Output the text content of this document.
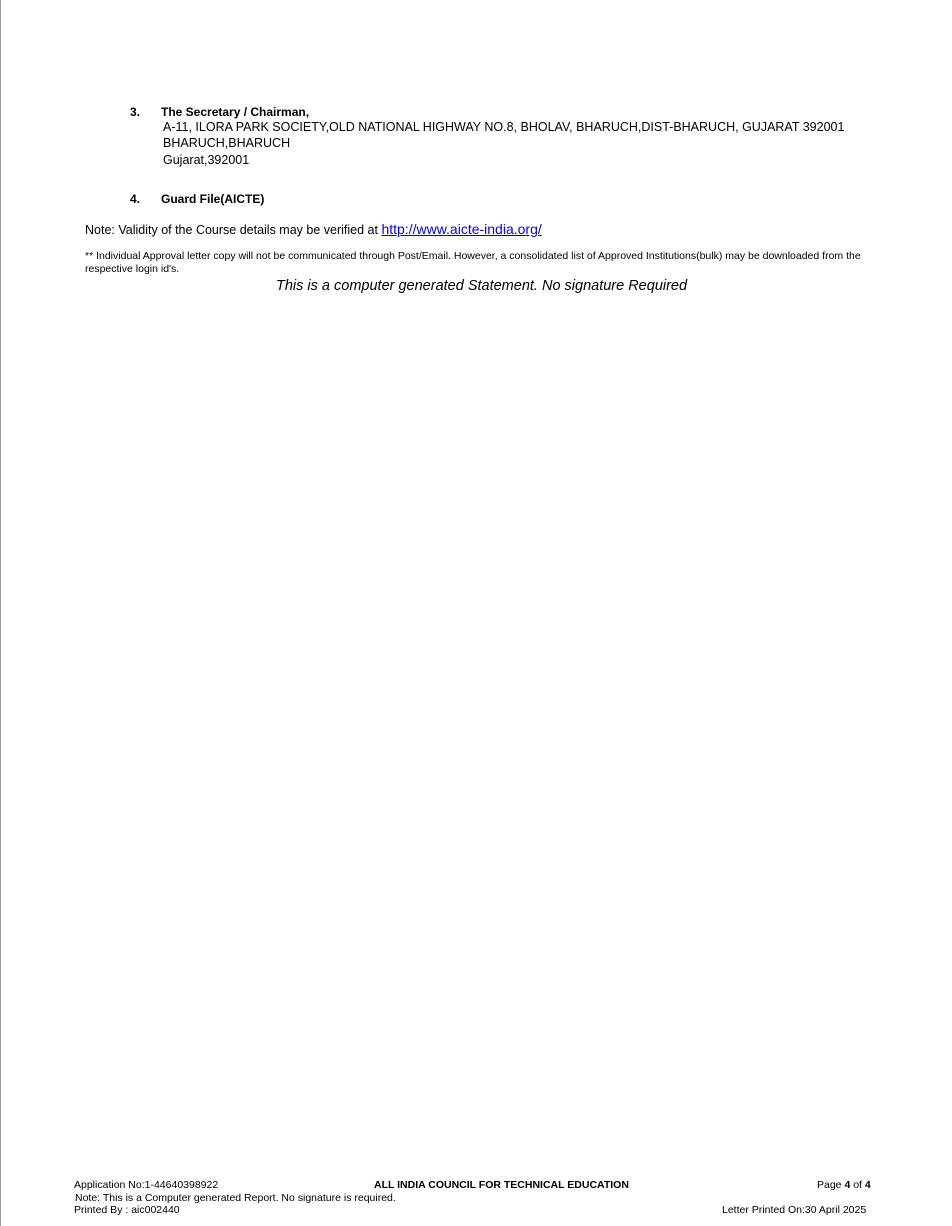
3. The Secretary / Chairman,
A-11, ILORA PARK SOCIETY,OLD NATIONAL HIGHWAY NO.8, BHOLAV, BHARUCH,DIST-BHARUCH, GUJARAT 392001
BHARUCH,BHARUCH
Gujarat,392001
4. Guard File(AICTE)
Note: Validity of the Course details may be verified at http://www.aicte-india.org/
** Individual Approval letter copy will not be communicated through Post/Email. However, a consolidated list of Approved Institutions(bulk) may be downloaded from the respective login id's.
This is a computer generated Statement. No signature Required
Application No:1-44640398922	ALL INDIA COUNCIL FOR TECHNICAL EDUCATION	Page 4 of 4
Note: This is a Computer generated Report. No signature is required.
Printed By : aic002440	Letter Printed On:30 April 2025
